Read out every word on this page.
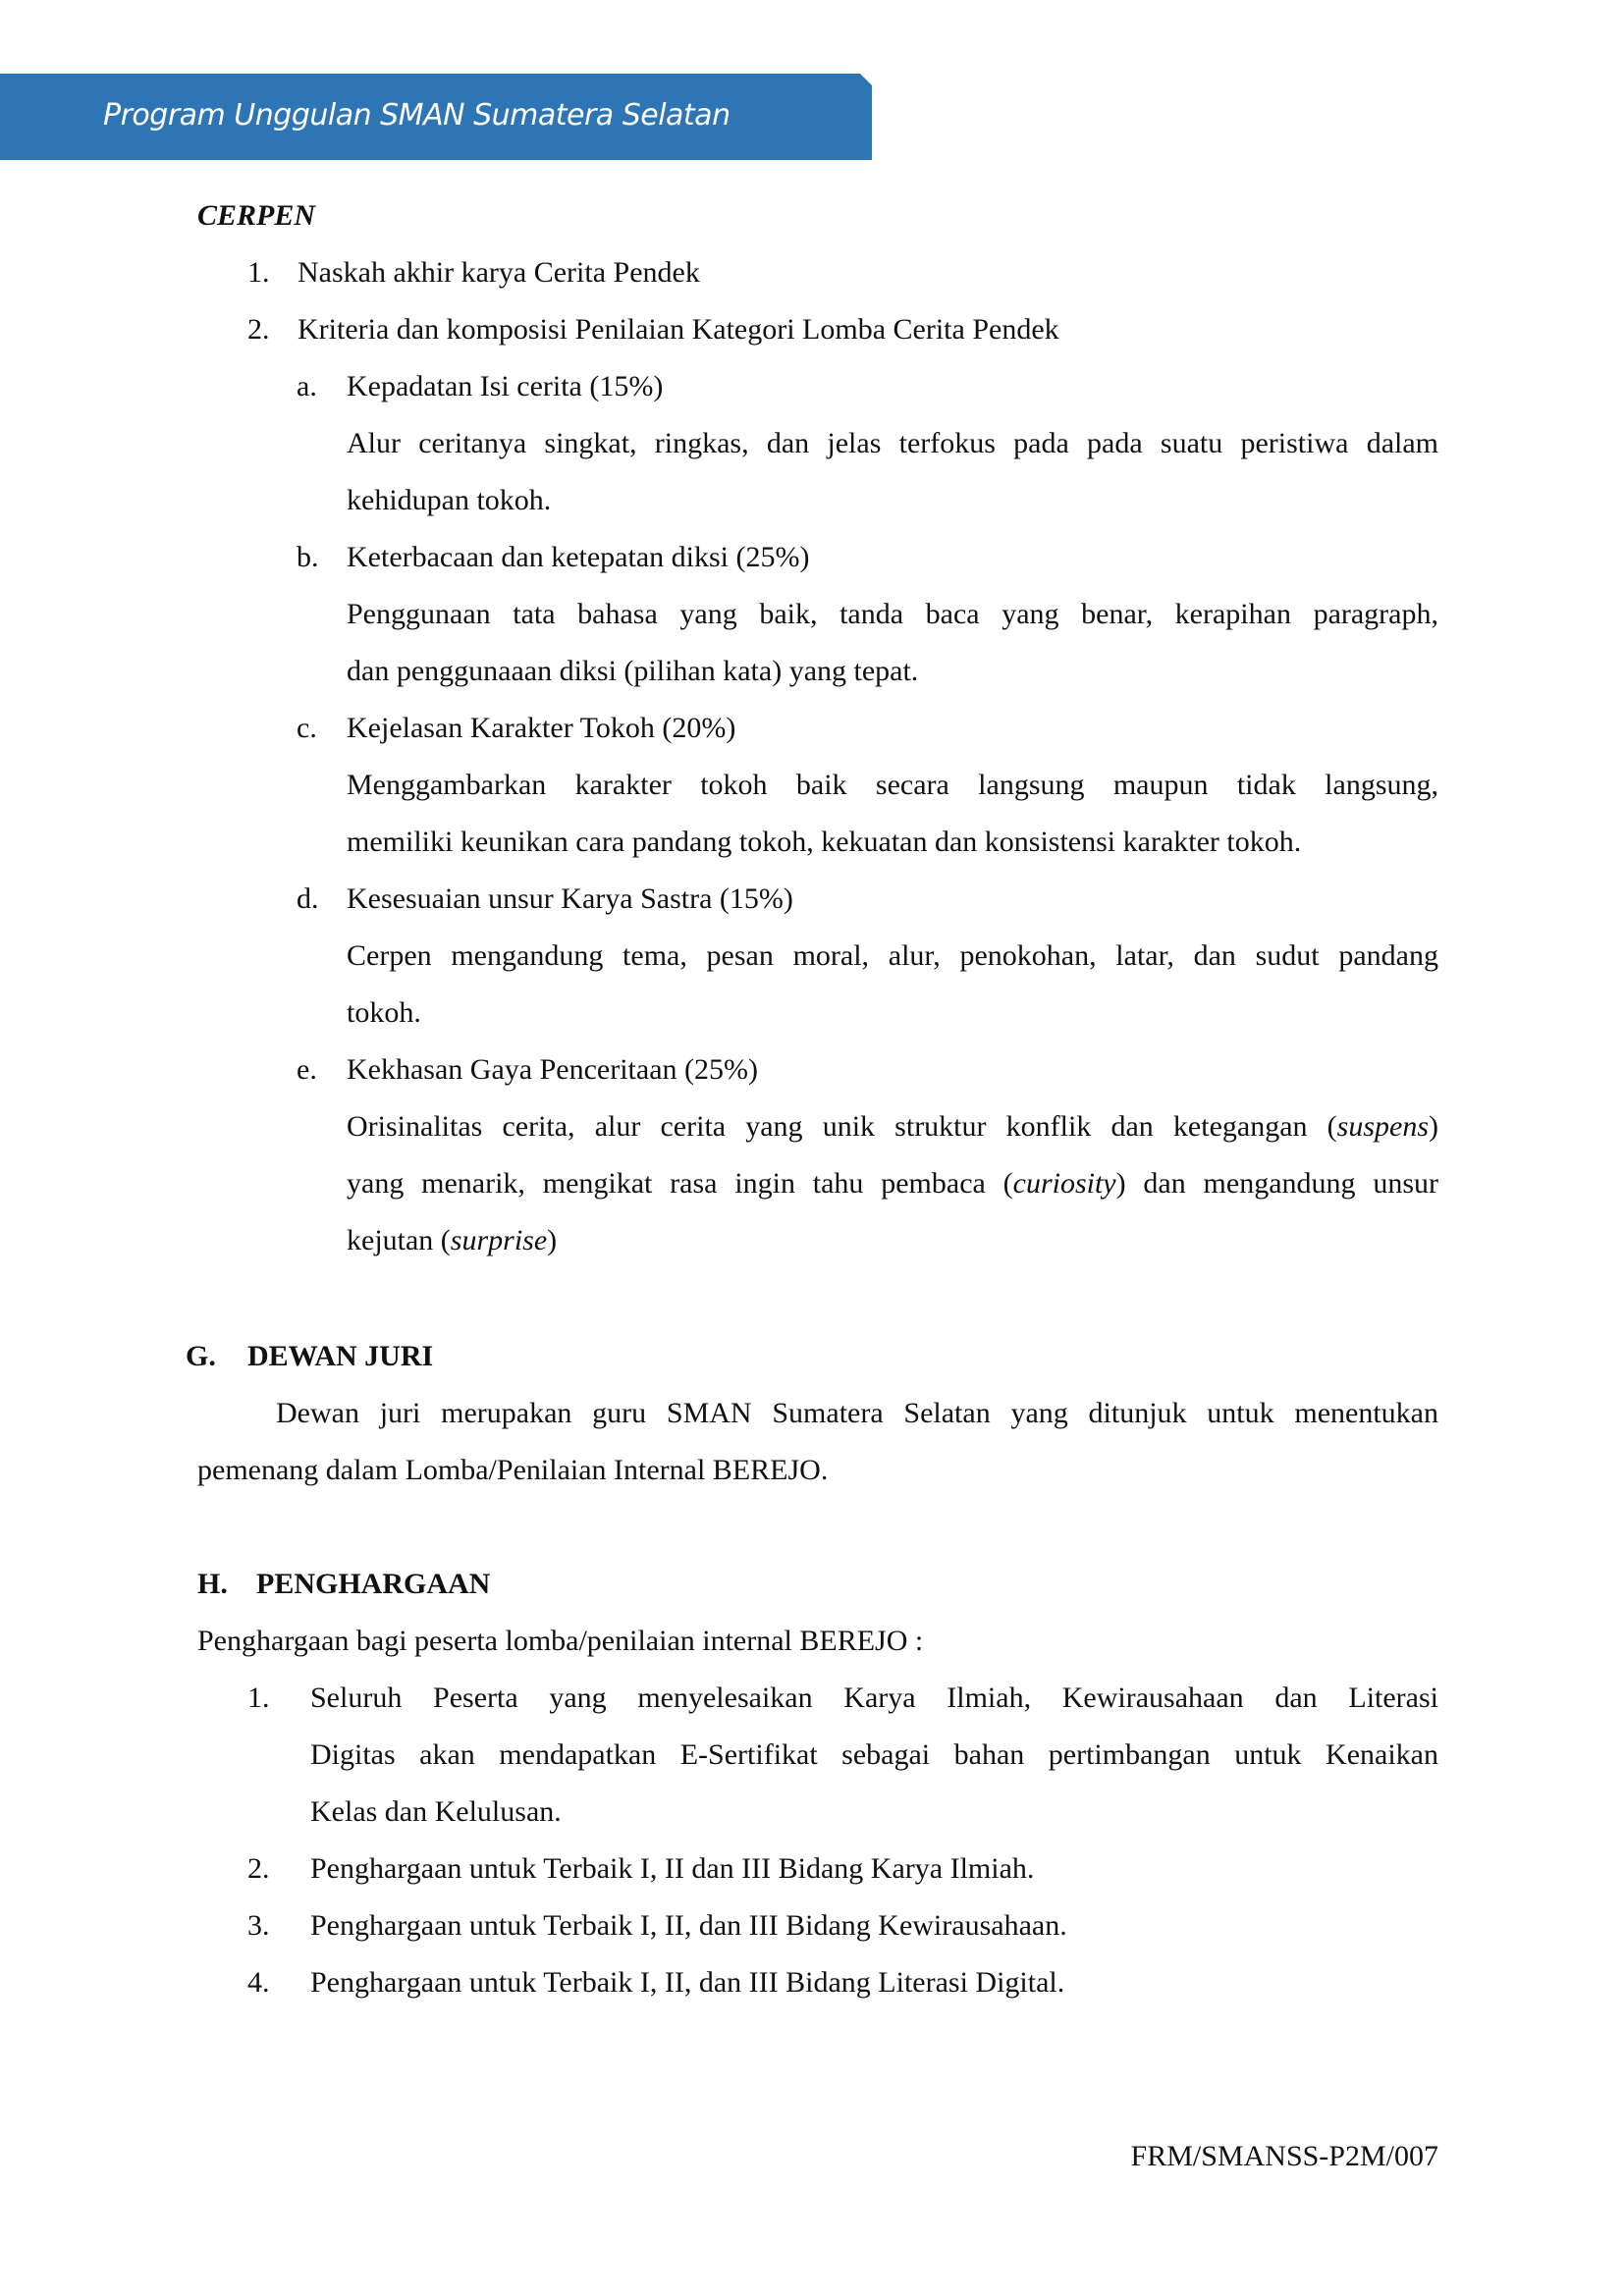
Program Unggulan SMAN Sumatera Selatan
CERPEN
1. Naskah akhir karya Cerita Pendek
2. Kriteria dan komposisi Penilaian Kategori Lomba Cerita Pendek
a. Kepadatan Isi cerita (15%)
Alur ceritanya singkat, ringkas, dan jelas terfokus pada pada suatu peristiwa dalam
kehidupan tokoh.
b. Keterbacaan dan ketepatan diksi (25%)
Penggunaan tata bahasa yang baik, tanda baca yang benar, kerapihan paragraph,
dan penggunaaan diksi (pilihan kata) yang tepat.
c. Kejelasan Karakter Tokoh (20%)
Menggambarkan karakter tokoh baik secara langsung maupun tidak langsung,
memiliki keunikan cara pandang tokoh, kekuatan dan konsistensi karakter tokoh.
d. Kesesuaian unsur Karya Sastra (15%)
Cerpen mengandung tema, pesan moral, alur, penokohan, latar, dan sudut pandang
tokoh.
e. Kekhasan Gaya Penceritaan (25%)
Orisinalitas cerita, alur cerita yang unik struktur konflik dan ketegangan (suspens)
yang menarik, mengikat rasa ingin tahu pembaca (curiosity) dan mengandung unsur
kejutan (surprise)
G. DEWAN JURI
Dewan juri merupakan guru SMAN Sumatera Selatan yang ditunjuk untuk menentukan
pemenang dalam Lomba/Penilaian Internal BEREJO.
H. PENGHARGAAN
Penghargaan bagi peserta lomba/penilaian internal BEREJO :
1. Seluruh Peserta yang menyelesaikan Karya Ilmiah, Kewirausahaan dan Literasi
Digitas akan mendapatkan E-Sertifikat sebagai bahan pertimbangan untuk Kenaikan
Kelas dan Kelulusan.
2. Penghargaan untuk Terbaik I, II dan III Bidang Karya Ilmiah.
3. Penghargaan untuk Terbaik I, II, dan III Bidang Kewirausahaan.
4. Penghargaan untuk Terbaik I, II, dan III Bidang Literasi Digital.
FRM/SMANSS-P2M/007
